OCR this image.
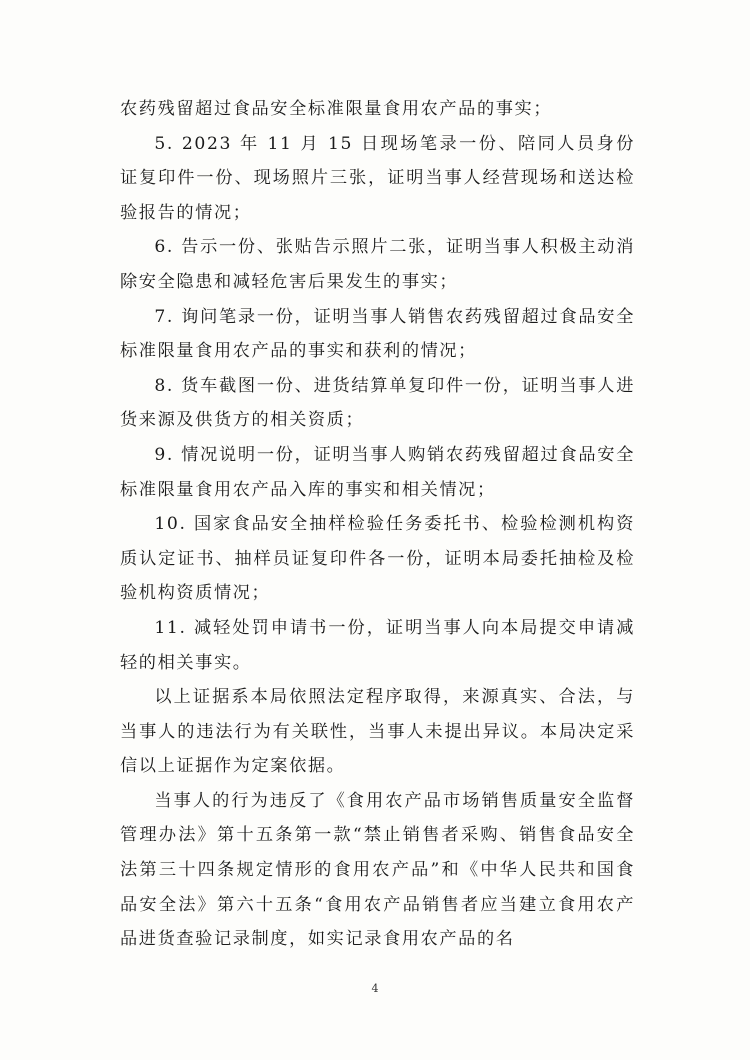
农药残留超过食品安全标准限量食用农产品的事实；

5. 2023 年 11 月 15 日现场笔录一份、陪同人员身份证复印件一份、现场照片三张，证明当事人经营现场和送达检验报告的情况；

6. 告示一份、张贴告示照片二张，证明当事人积极主动消除安全隐患和减轻危害后果发生的事实；

7. 询问笔录一份，证明当事人销售农药残留超过食品安全标准限量食用农产品的事实和获利的情况；

8. 货车截图一份、进货结算单复印件一份，证明当事人进货来源及供货方的相关资质；

9. 情况说明一份，证明当事人购销农药残留超过食品安全标准限量食用农产品入库的事实和相关情况；

10. 国家食品安全抽样检验任务委托书、检验检测机构资质认定证书、抽样员证复印件各一份，证明本局委托抽检及检验机构资质情况；

11. 减轻处罚申请书一份，证明当事人向本局提交申请减轻的相关事实。

以上证据系本局依照法定程序取得，来源真实、合法，与当事人的违法行为有关联性，当事人未提出异议。本局决定采信以上证据作为定案依据。

当事人的行为违反了《食用农产品市场销售质量安全监督管理办法》第十五条第一款“禁止销售者采购、销售食品安全法第三十四条规定情形的食用农产品”和《中华人民共和国食品安全法》第六十五条“食用农产品销售者应当建立食用农产品进货查验记录制度，如实记录食用农产品的名

4
